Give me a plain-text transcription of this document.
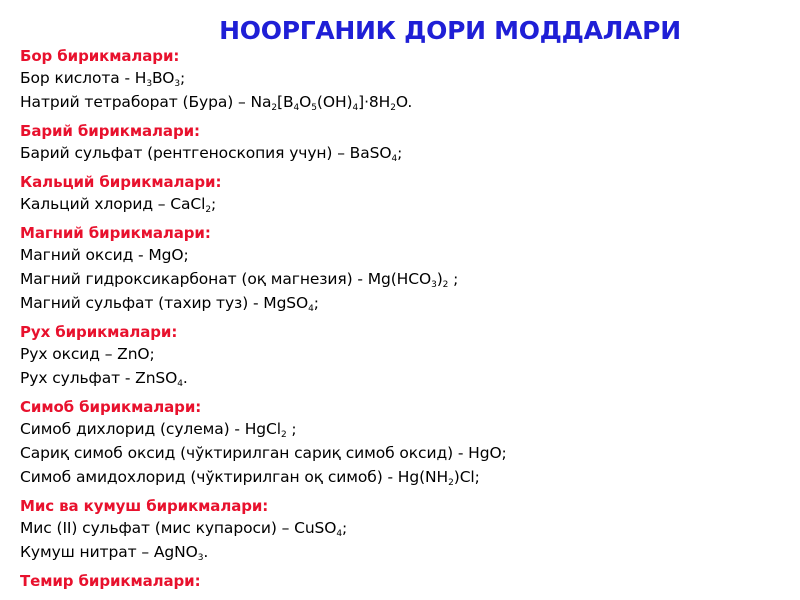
НООРГАНИК ДОРИ МОДДАЛАРИ
Бор бирикмалари:
Бор кислота - $H_3BO_3$;
Натрий тетраборат (Бура) – $Na_2[B_4O_5(OH)_4]\cdot 8H_2O$.
Барий бирикмалари:
Барий сульфат (рентгеноскопия учун) – BaSO$_4$;
Кальций бирикмалари:
Кальций хлорид – CaCl$_2$;
Магний бирикмалари:
Магний оксид - MgO;
Магний гидроксикарбонат (оқ магнезия) - $Mg(HCO_3)_2$ ;
Магний сульфат (тахир туз) - MgSO$_4$;
Рух бирикмалари:
Рух оксид – ZnO;
Рух сульфат - ZnSO$_4$.
Симоб бирикмалари:
Симоб дихлорид (сулема) - HgCl$_2$ ;
Сариқ симоб оксид (чўктирилган сариқ симоб оксид) - HgO;
Симоб амидохлорид (чўктирилган оқ симоб) - $Hg(NH_2)Cl$;
Мис ва кумуш бирикмалари:
Мис (II) сульфат (мис купароси) – CuSO$_4$;
Кумуш нитрат – AgNO$_3$.
Темир бирикмалари:
